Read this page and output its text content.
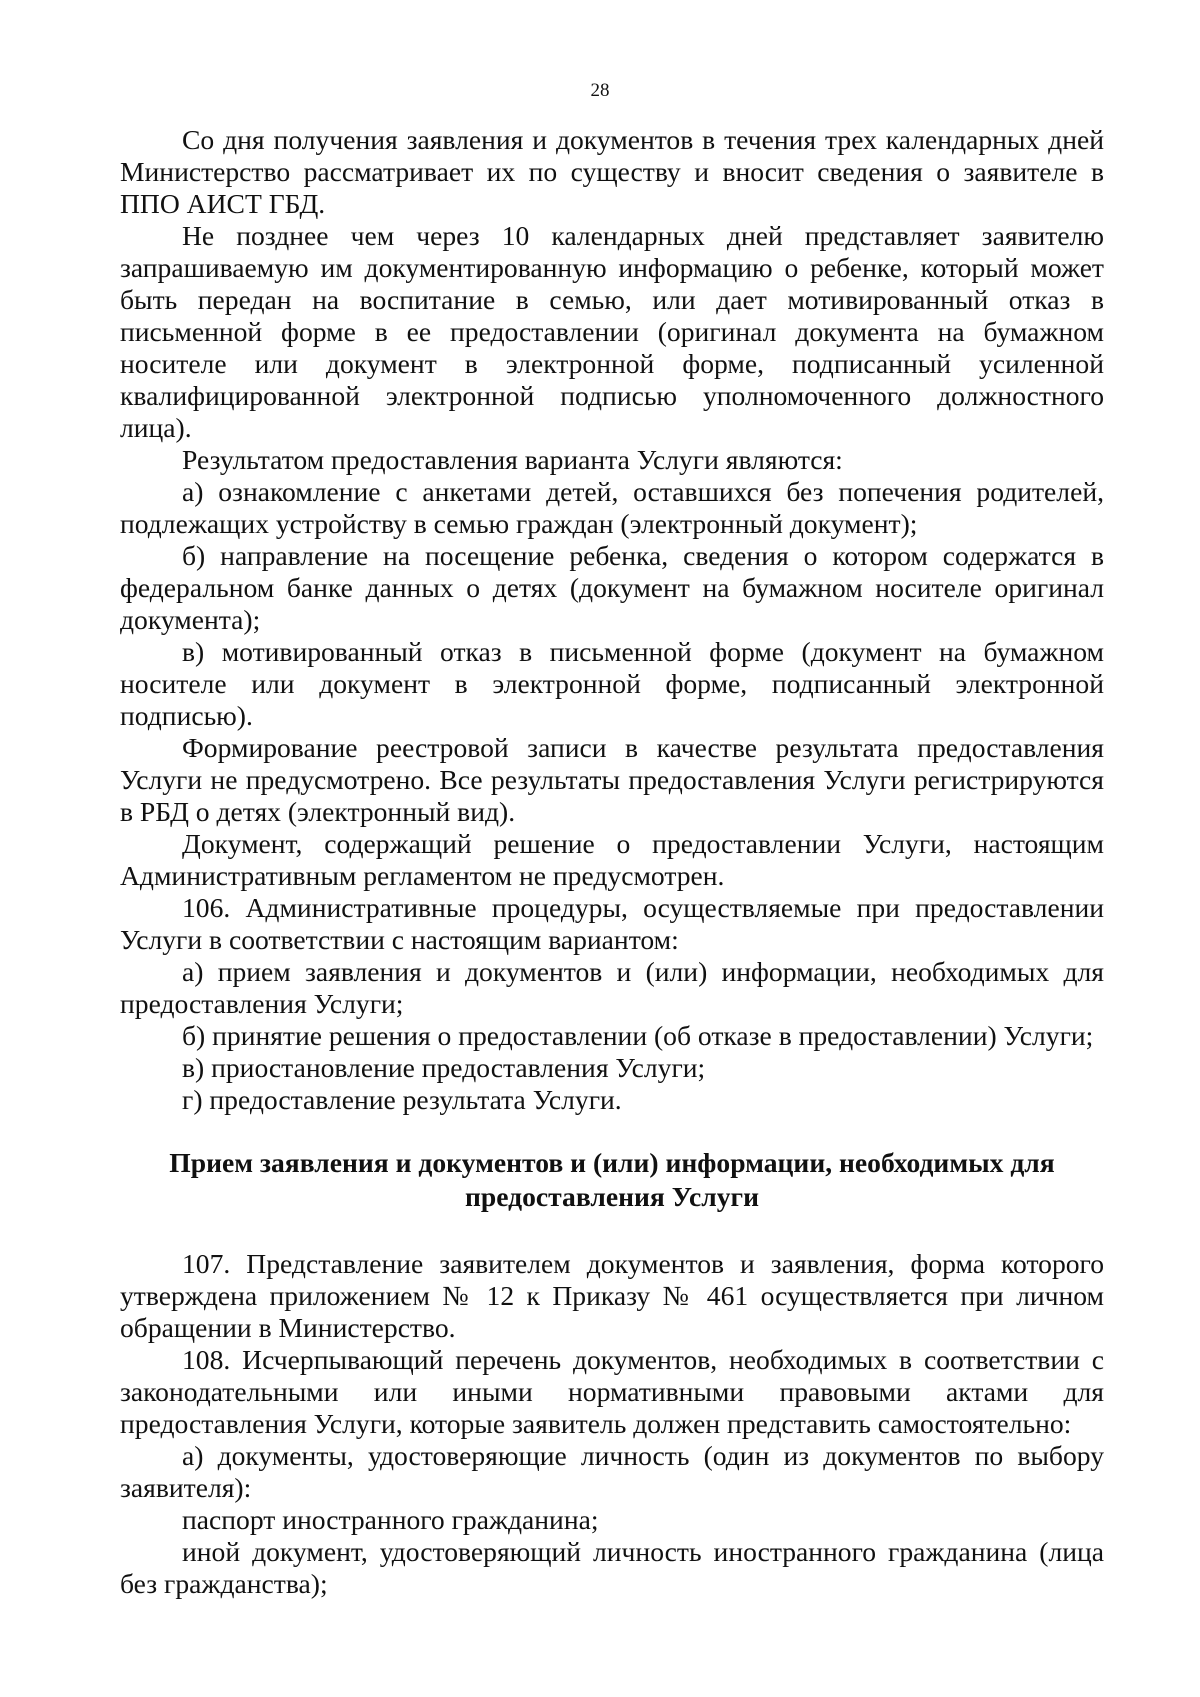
28

Со дня получения заявления и документов в течения трех календарных дней Министерство рассматривает их по существу и вносит сведения о заявителе в ППО АИСТ ГБД.

Не позднее чем через 10 календарных дней представляет заявителю запрашиваемую им документированную информацию о ребенке, который может быть передан на воспитание в семью, или дает мотивированный отказ в письменной форме в ее предоставлении (оригинал документа на бумажном носителе или документ в электронной форме, подписанный усиленной квалифицированной электронной подписью уполномоченного должностного лица).

Результатом предоставления варианта Услуги являются:

а) ознакомление с анкетами детей, оставшихся без попечения родителей, подлежащих устройству в семью граждан (электронный документ);

б) направление на посещение ребенка, сведения о котором содержатся в федеральном банке данных о детях (документ на бумажном носителе оригинал документа);

в) мотивированный отказ в письменной форме (документ на бумажном носителе или документ в электронной форме, подписанный электронной подписью).

Формирование реестровой записи в качестве результата предоставления Услуги не предусмотрено. Все результаты предоставления Услуги регистрируются в РБД о детях (электронный вид).

Документ, содержащий решение о предоставлении Услуги, настоящим Административным регламентом не предусмотрен.

106. Административные процедуры, осуществляемые при предоставлении Услуги в соответствии с настоящим вариантом:

а) прием заявления и документов и (или) информации, необходимых для предоставления Услуги;

б) принятие решения о предоставлении (об отказе в предоставлении) Услуги;

в) приостановление предоставления Услуги;

г) предоставление результата Услуги.

Прием заявления и документов и (или) информации, необходимых для предоставления Услуги

107. Представление заявителем документов и заявления, форма которого утверждена приложением № 12 к Приказу № 461 осуществляется при личном обращении в Министерство.

108. Исчерпывающий перечень документов, необходимых в соответствии с законодательными или иными нормативными правовыми актами для предоставления Услуги, которые заявитель должен представить самостоятельно:

а) документы, удостоверяющие личность (один из документов по выбору заявителя):

паспорт иностранного гражданина;

иной документ, удостоверяющий личность иностранного гражданина (лица без гражданства);
